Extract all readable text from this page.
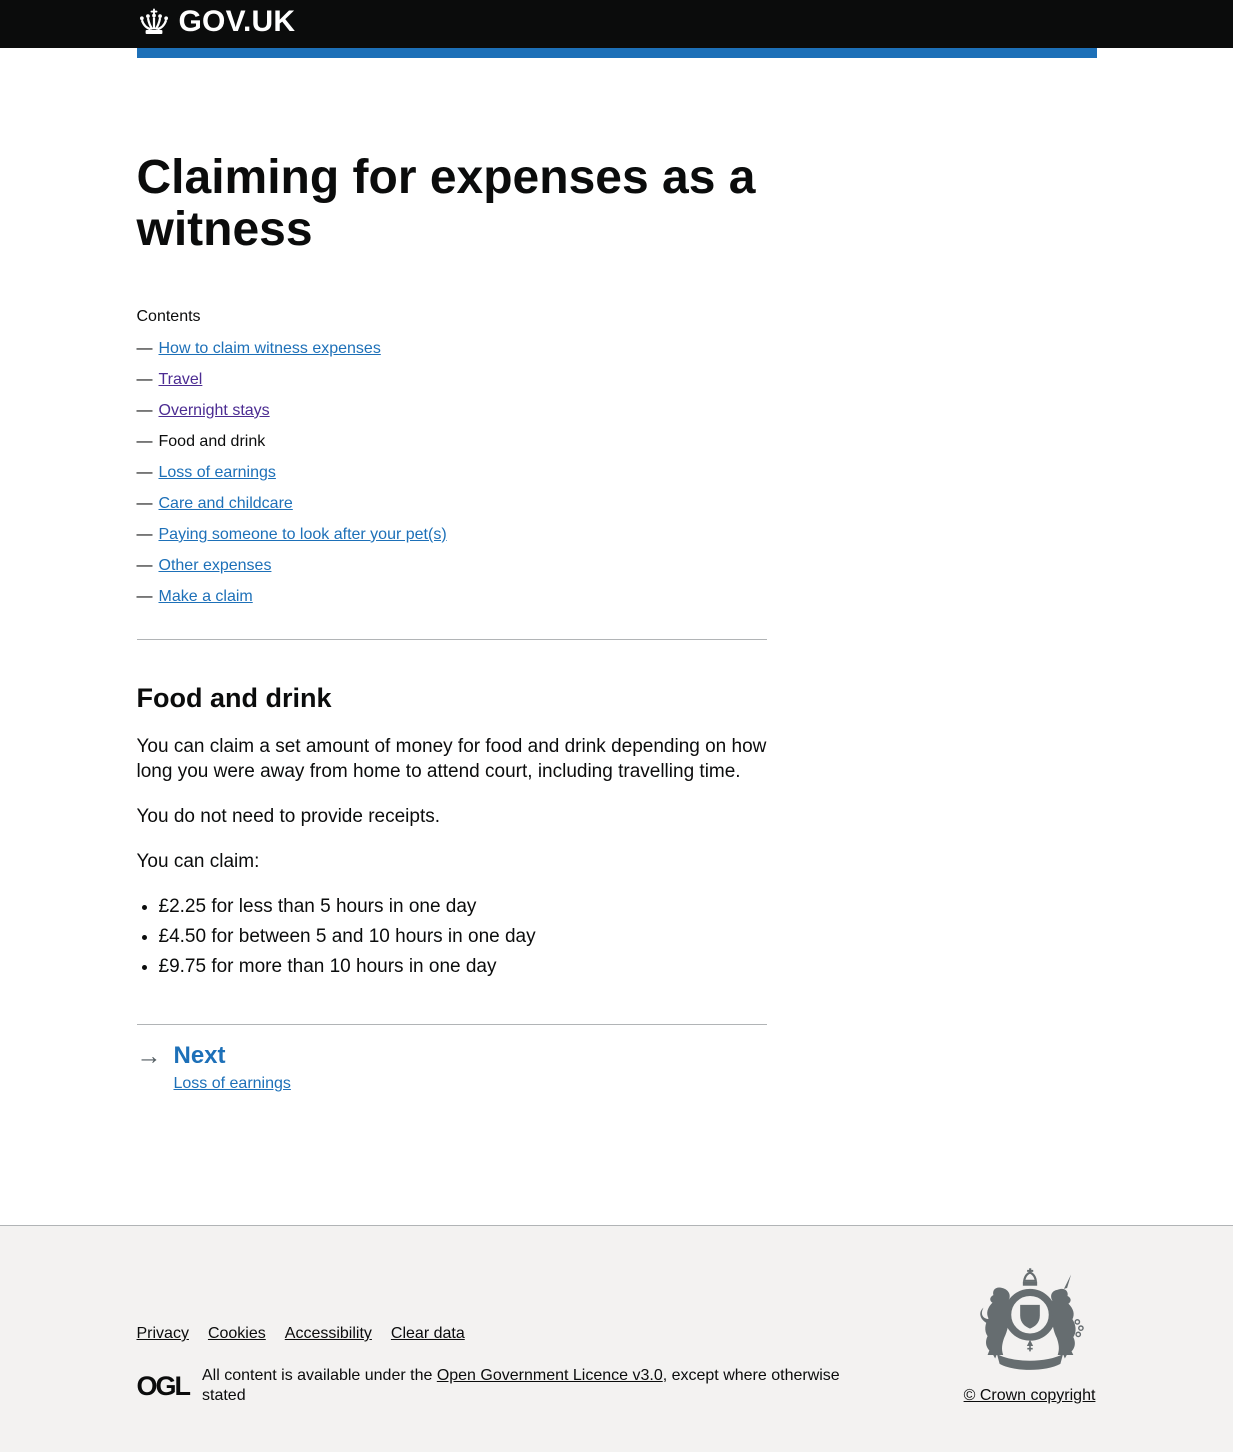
GOV.UK
Claiming for expenses as a witness

Contents

— How to claim witness expenses
— Travel
— Overnight stays
— Food and drink
— Loss of earnings
— Care and childcare
— Paying someone to look after your pet(s)
— Other expenses
— Make a claim
Food and drink

You can claim a set amount of money for food and drink depending on how long you were away from home to attend court, including travelling time.

You do not need to provide receipts.

You can claim:

• £2.25 for less than 5 hours in one day
• £4.50 for between 5 and 10 hours in one day
• £9.75 for more than 10 hours in one day
→ Next
Loss of earnings
Privacy Cookies Accessibility Clear data
OGL All content is available under the Open Government Licence v3.0, except where otherwise stated	© Crown copyright
